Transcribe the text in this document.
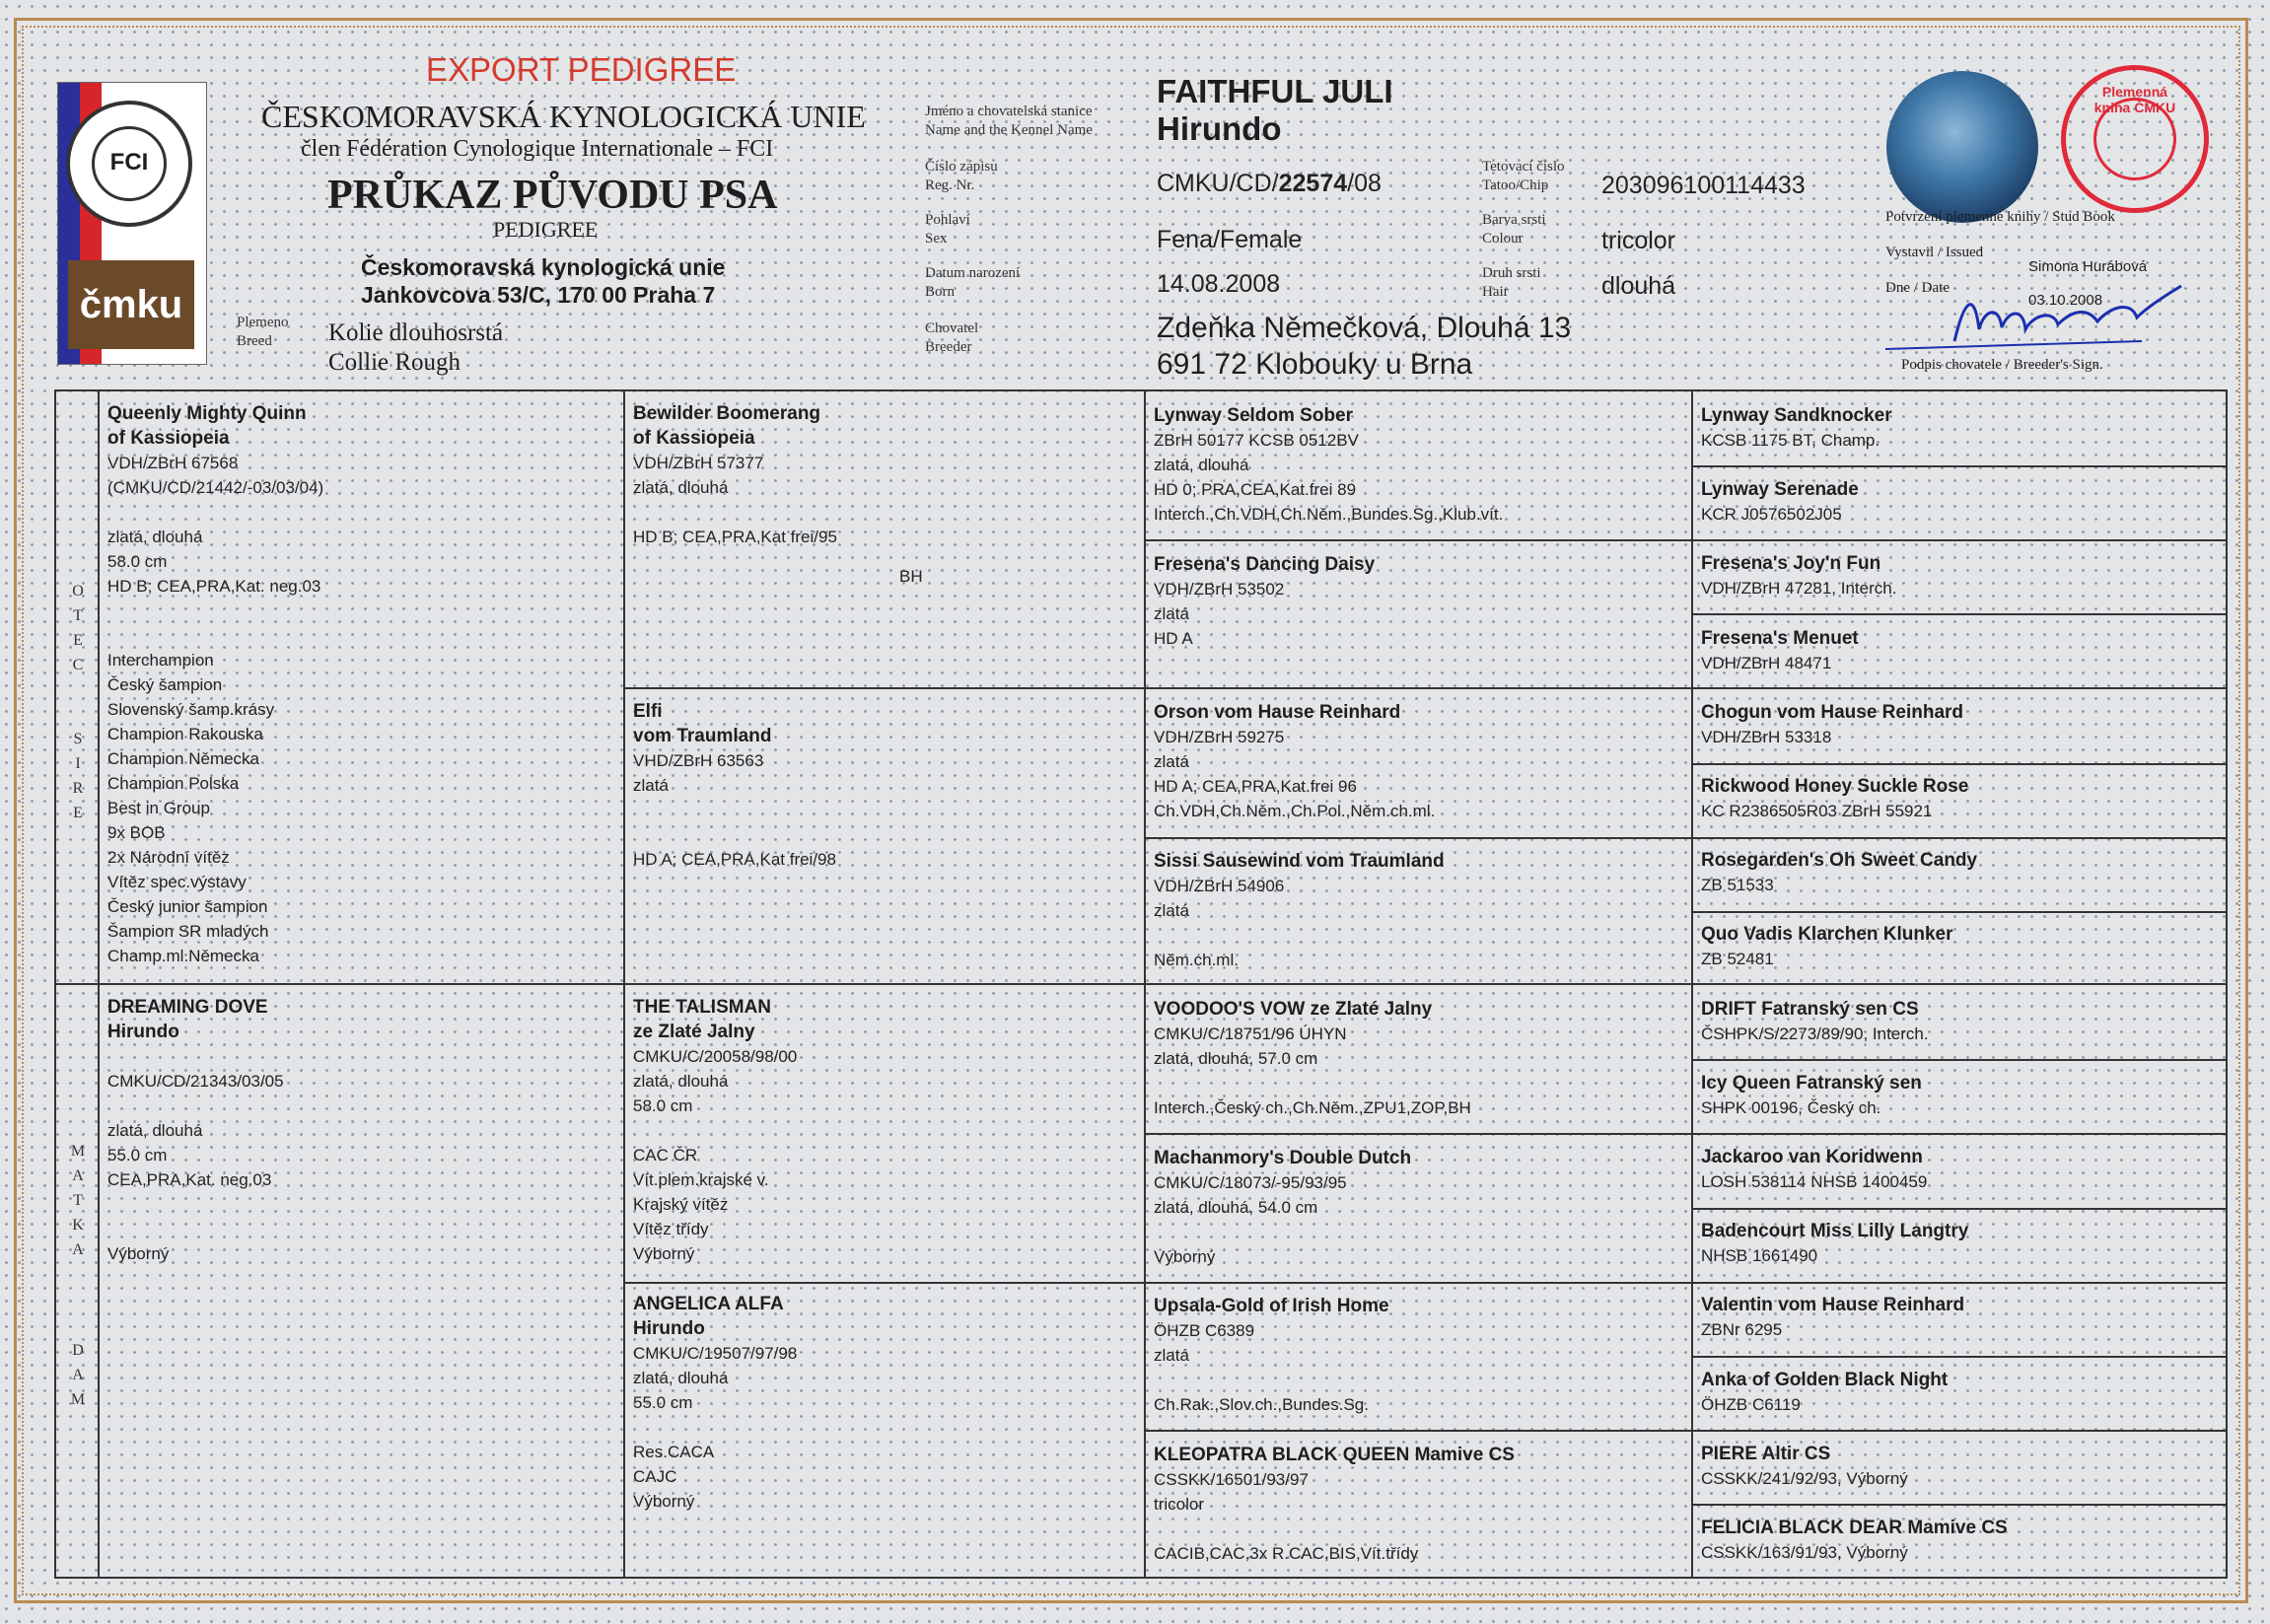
FCI
čmku
EXPORT PEDIGREE
ČESKOMORAVSKÁ KYNOLOGICKÁ UNIE
člen Fédération Cynologique Internationale – FCI
PRŮKAZ PŮVODU PSA
PEDIGREE
Českomoravská kynologická unie
Jankovcova 53/C, 170 00 Praha 7
Plemeno
Breed	Kolie dlouhosrstá
Collie Rough
Jméno a chovatelská stanice
Name and the Kennel Name
Číslo zápisu
Reg. Nr.
Pohlaví
Sex
Datum narození
Born
Chovatel
Breeder
Tetovací číslo
Tatoo/Chip
Barva srsti
Colour
Druh srsti
Hair
FAITHFUL JULI
Hirundo
CMKU/CD/22574/08
Fena/Female
14.08.2008
Zdeňka Němečková, Dlouhá 13
691 72 Klobouky u Brna
203096100114433
tricolor
dlouhá
Plemenná kniha ČMKU
Potvrzení plemenné knihy / Stud Book
Vystavil / Issued
Simona Hurábová
Dne / Date
03.10.2008
Podpis chovatele / Breeder's Sign.
O
T
E
C
S
I
R
E
M
A
T
K
A
D
A
M
Queenly Mighty Quinn
of Kassiopeia
VDH/ZBrH 67568
(CMKU/CD/21442/-03/03/04)

zlatá, dlouhá
58.0 cm
HD B; CEA,PRA,Kat. neg.03

Interchampion
Český šampion
Slovenský šamp.krásy
Champion Rakouska
Champion Německa
Champion Polska
Best in Group
9x BOB
2x Národní vítěz
Vítěz spec.výstavy
Český junior šampion
Šampion SR mladých
Champ.ml.Německa
DREAMING DOVE
Hirundo

CMKU/CD/21343/03/05

zlatá, dlouhá
55.0 cm
CEA,PRA,Kat. neg.03

Výborný
Bewilder Boomerang
of Kassiopeia
VDH/ZBrH 57377
zlatá, dlouhá

HD B; CEA,PRA,Kat frei/95
BH
Elfi
vom Traumland
VHD/ZBrH 63563
zlatá

HD A; CEA,PRA,Kat frei/98
THE TALISMAN
ze Zlaté Jalny
CMKU/C/20058/98/00
zlatá, dlouhá
58.0 cm

CAC ČR
Vít.plem.krajské v.
Krajský vítěz
Vítěz třídy
Výborný
ANGELICA ALFA
Hirundo
CMKU/C/19507/97/98
zlatá, dlouhá
55.0 cm

Res.CACA
CAJC
Výborný
Lynway Seldom Sober
ZBrH 50177 KCSB 0512BV
zlatá, dlouhá
HD 0; PRA,CEA,Kat.frei 89
Interch.,Ch.VDH,Ch.Něm.,Bundes.Sg.,Klub.vít.
Fresena's Dancing Daisy
VDH/ZBrH 53502
zlatá
HD A
Orson vom Hause Reinhard
VDH/ZBrH 59275
zlatá
HD A; CEA,PRA,Kat.frei 96
Ch.VDH,Ch.Něm.,Ch.Pol.,Něm.ch.ml.
Sissi Sausewind vom Traumland
VDH/ZBrH 54906
zlatá

Něm.ch.ml.
VOODOO'S VOW ze Zlaté Jalny
CMKU/C/18751/96 ÚHYN
zlatá, dlouhá, 57.0 cm

Interch.,Český ch.,Ch.Něm.,ZPU1,ZOP,BH
Machanmory's Double Dutch
CMKU/C/18073/-95/93/95
zlatá, dlouhá, 54.0 cm

Výborný
Upsala-Gold of Irish Home
ÖHZB C6389
zlatá

Ch.Rak.,Slov.ch.,Bundes.Sg.
KLEOPATRA BLACK QUEEN Mamive CS
CSSKK/16501/93/97
tricolor

CACIB,CAC,3x R.CAC,BIS,Vít.třídy
Lynway Sandknocker
KCSB 1175 BT, Champ.
Lynway Serenade
KCR J0576502J05
Fresena's Joy'n Fun
VDH/ZBrH 47281, Interch.
Fresena's Menuet
VDH/ZBrH 48471
Chogun vom Hause Reinhard
VDH/ZBrH 53318
Rickwood Honey Suckle Rose
KC R2386505R03 ZBrH 55921
Rosegarden's Oh Sweet Candy
ZB 51533
Quo Vadis Klarchen Klunker
ZB 52481
DRIFT Fatranský sen CS
ČSHPK/S/2273/89/90, Interch.
Icy Queen Fatranský sen
SHPK 00196, Český ch.
Jackaroo van Koridwenn
LOSH 538114 NHSB 1400459
Badencourt Miss Lilly Langtry
NHSB 1661490
Valentin vom Hause Reinhard
ZBNr 6295
Anka of Golden Black Night
ÖHZB C6119
PIERE Altir CS
CSSKK/241/92/93, Výborný
FELICIA BLACK DEAR Mamive CS
CSSKK/163/91/93, Výborný
